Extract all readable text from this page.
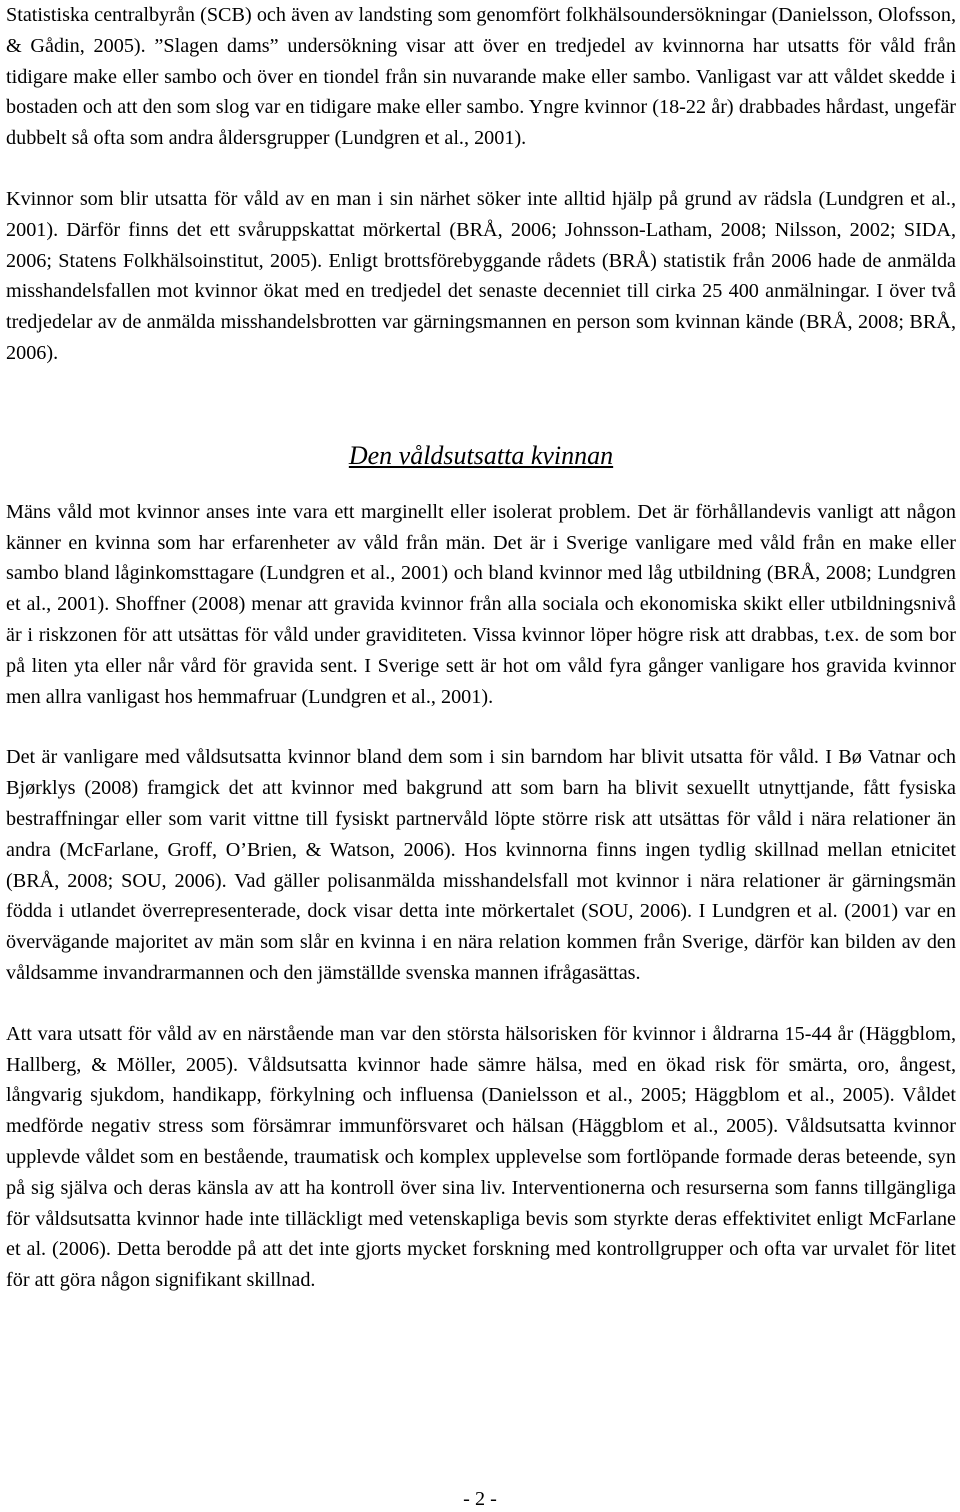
Statistiska centralbyrån (SCB) och även av landsting som genomfört folkhälsoundersökningar (Danielsson, Olofsson, & Gådin, 2005). ”Slagen dams” undersökning visar att över en tredjedel av kvinnorna har utsatts för våld från tidigare make eller sambo och över en tiondel från sin nuvarande make eller sambo. Vanligast var att våldet skedde i bostaden och att den som slog var en tidigare make eller sambo. Yngre kvinnor (18-22 år) drabbades hårdast, ungefär dubbelt så ofta som andra åldersgrupper (Lundgren et al., 2001).

Kvinnor som blir utsatta för våld av en man i sin närhet söker inte alltid hjälp på grund av rädsla (Lundgren et al., 2001). Därför finns det ett svåruppskattat mörkertal (BRÅ, 2006; Johnsson-Latham, 2008; Nilsson, 2002; SIDA, 2006; Statens Folkhälsoinstitut, 2005). Enligt brottsförebyggande rådets (BRÅ) statistik från 2006 hade de anmälda misshandelsfallen mot kvinnor ökat med en tredjedel det senaste decenniet till cirka 25 400 anmälningar. I över två tredjedelar av de anmälda misshandelsbrotten var gärningsmannen en person som kvinnan kände (BRÅ, 2008; BRÅ, 2006).

Den våldsutsatta kvinnan

Mäns våld mot kvinnor anses inte vara ett marginellt eller isolerat problem. Det är förhållandevis vanligt att någon känner en kvinna som har erfarenheter av våld från män. Det är i Sverige vanligare med våld från en make eller sambo bland låginkomsttagare (Lundgren et al., 2001) och bland kvinnor med låg utbildning (BRÅ, 2008; Lundgren et al., 2001). Shoffner (2008) menar att gravida kvinnor från alla sociala och ekonomiska skikt eller utbildningsnivå är i riskzonen för att utsättas för våld under graviditeten. Vissa kvinnor löper högre risk att drabbas, t.ex. de som bor på liten yta eller når vård för gravida sent. I Sverige sett är hot om våld fyra gånger vanligare hos gravida kvinnor men allra vanligast hos hemmafruar (Lundgren et al., 2001).

Det är vanligare med våldsutsatta kvinnor bland dem som i sin barndom har blivit utsatta för våld. I Bø Vatnar och Bjørklys (2008) framgick det att kvinnor med bakgrund att som barn ha blivit sexuellt utnyttjande, fått fysiska bestraffningar eller som varit vittne till fysiskt partnervåld löpte större risk att utsättas för våld i nära relationer än andra (McFarlane, Groff, O’Brien, & Watson, 2006). Hos kvinnorna finns ingen tydlig skillnad mellan etnicitet (BRÅ, 2008; SOU, 2006). Vad gäller polisanmälda misshandelsfall mot kvinnor i nära relationer är gärningsmän födda i utlandet överrepresenterade, dock visar detta inte mörkertalet (SOU, 2006). I Lundgren et al. (2001) var en övervägande majoritet av män som slår en kvinna i en nära relation kommen från Sverige, därför kan bilden av den våldsamme invandrarmannen och den jämställde svenska mannen ifrågasättas.

Att vara utsatt för våld av en närstående man var den största hälsorisken för kvinnor i åldrarna 15-44 år (Häggblom, Hallberg, & Möller, 2005). Våldsutsatta kvinnor hade sämre hälsa, med en ökad risk för smärta, oro, ångest, långvarig sjukdom, handikapp, förkylning och influensa (Danielsson et al., 2005; Häggblom et al., 2005). Våldet medförde negativ stress som försämrar immunförsvaret och hälsan (Häggblom et al., 2005). Våldsutsatta kvinnor upplevde våldet som en bestående, traumatisk och komplex upplevelse som fortlöpande formade deras beteende, syn på sig själva och deras känsla av att ha kontroll över sina liv. Interventionerna och resurserna som fanns tillgängliga för våldsutsatta kvinnor hade inte tilläckligt med vetenskapliga bevis som styrkte deras effektivitet enligt McFarlane et al. (2006). Detta berodde på att det inte gjorts mycket forskning med kontrollgrupper och ofta var urvalet för litet för att göra någon signifikant skillnad.

- 2 -
